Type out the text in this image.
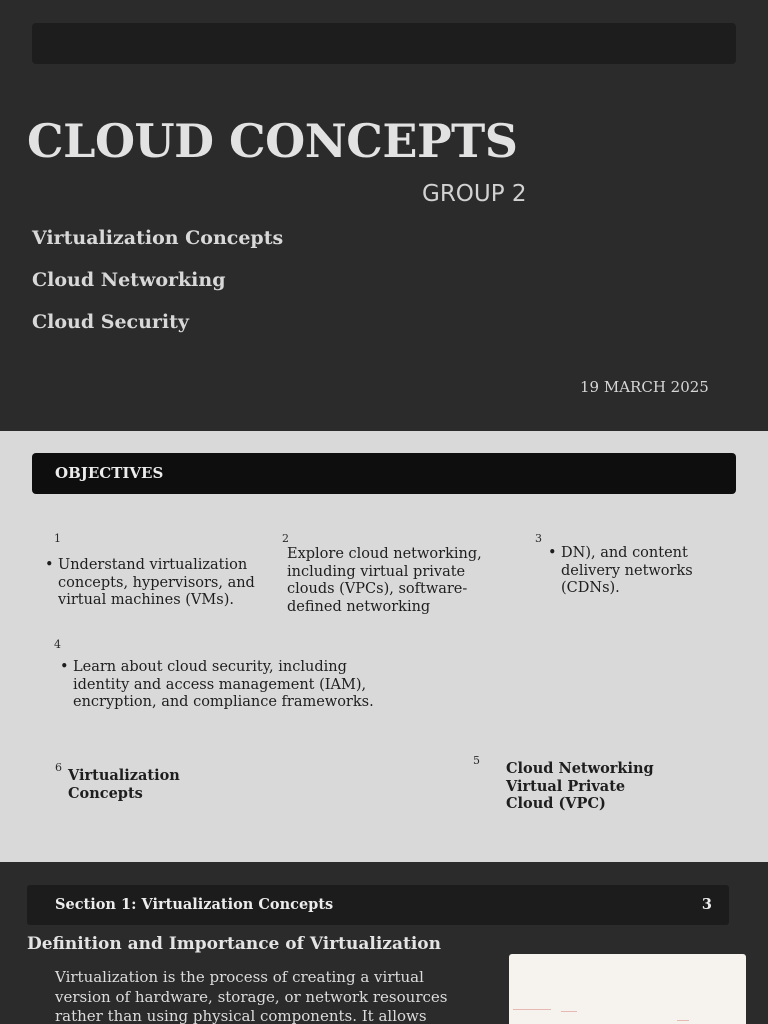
CLOUD CONCEPTS
GROUP 2
Virtualization Concepts
Cloud Networking
Cloud Security
19 MARCH 2025
OBJECTIVES
1
• Understand virtualization concepts, hypervisors, and virtual machines (VMs).
2
Explore cloud networking, including virtual private clouds (VPCs), software-defined networking
3
• DN), and content delivery networks (CDNs).
4
• Learn about cloud security, including identity and access management (IAM), encryption, and compliance frameworks.
6 Virtualization Concepts
5 Cloud Networking Virtual Private Cloud (VPC)
Section 1: Virtualization Concepts	3
Definition and Importance of Virtualization
Virtualization is the process of creating a virtual version of hardware, storage, or network resources rather than using physical components. It allows
